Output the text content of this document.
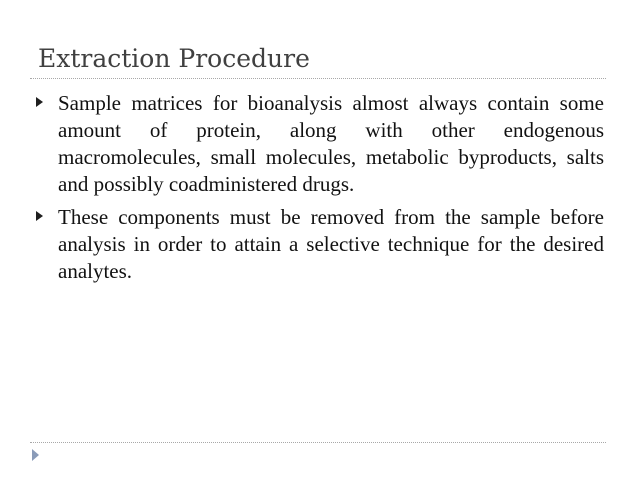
Extraction Procedure
Sample matrices for bioanalysis almost always contain some amount of protein, along with other endogenous macromolecules, small molecules, metabolic byproducts, salts and possibly coadministered drugs.
These components must be removed from the sample before analysis in order to attain a selective technique for the desired analytes.
